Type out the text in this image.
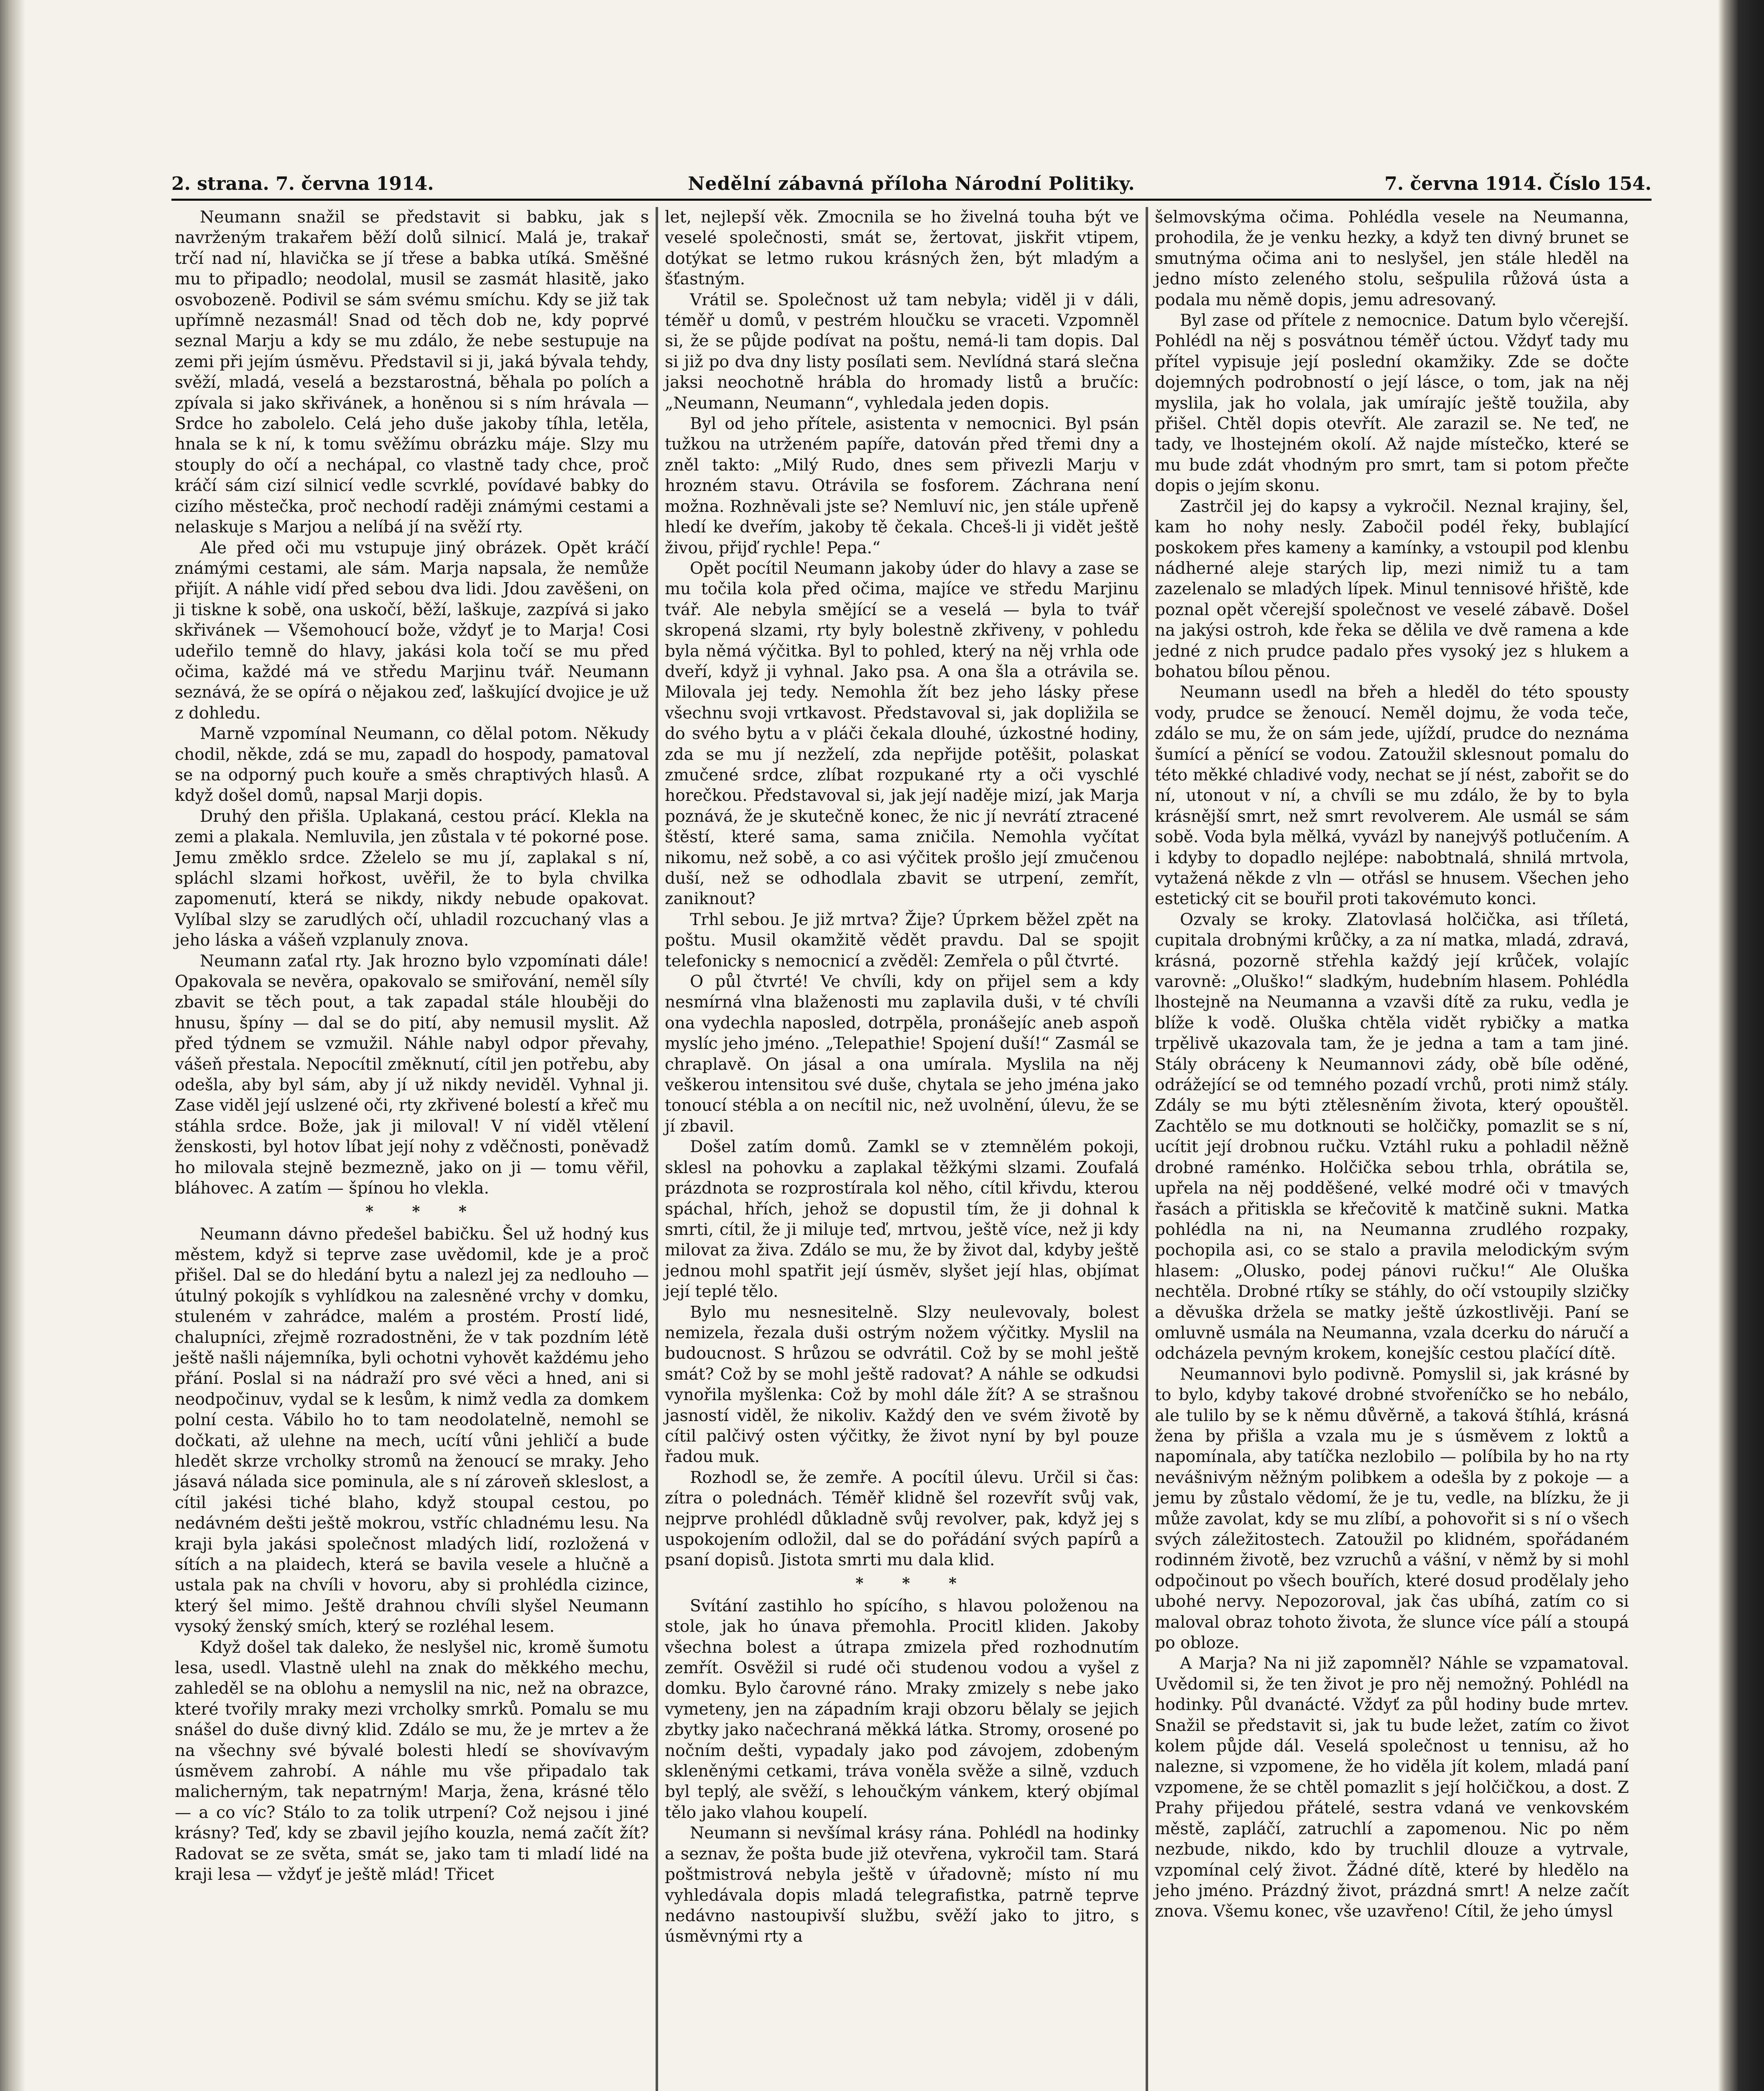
2. strana. 7. června 1914.	Nedělní zábavná příloha Národní Politiky.	7. června 1914. Číslo 154.

Neumann snažil se představit si babku, jak s navrženým trakařem běží dolů silnicí. Malá je, trakař trčí nad ní, hlavička se jí třese a babka utíká. Směšné mu to připadlo; neodolal, musil se zasmát hlasitě, jako osvobozeně. Podivil se sám svému smíchu. Kdy se již tak upřímně nezasmál! Snad od těch dob ne, kdy poprvé seznal Marju a kdy se mu zdálo, že nebe sestupuje na zemi při jejím úsměvu. Představil si ji, jaká bývala tehdy, svěží, mladá, veselá a bezstarostná, běhala po polích a zpívala si jako skřivánek, a honěnou si s ním hrávala — Srdce ho zabolelo. Celá jeho duše jakoby tíhla, letěla, hnala se k ní, k tomu svěžímu obrázku máje. Slzy mu stouply do očí a nechápal, co vlastně tady chce, proč kráčí sám cizí silnicí vedle scvrklé, povídavé babky do cizího městečka, proč nechodí raději známými cestami a nelaskuje s Marjou a nelíbá jí na svěží rty.

Ale před oči mu vstupuje jiný obrázek. Opět kráčí známými cestami, ale sám. Marja napsala, že nemůže přijít. A náhle vidí před sebou dva lidi. Jdou zavěšeni, on ji tiskne k sobě, ona uskočí, běží, laškuje, zazpívá si jako skřivánek — Všemohoucí bože, vždyť je to Marja! Cosi udeřilo temně do hlavy, jakási kola točí se mu před očima, každé má ve středu Marjinu tvář. Neumann seznává, že se opírá o nějakou zeď, laškující dvojice je už z dohledu.

Marně vzpomínal Neumann, co dělal potom. Někudy chodil, někde, zdá se mu, zapadl do hospody, pamatoval se na odporný puch kouře a směs chraptivých hlasů. A když došel domů, napsal Marji dopis.

Druhý den přišla. Uplakaná, cestou prácí. Klekla na zemi a plakala. Nemluvila, jen zůstala v té pokorné pose. Jemu změklo srdce. Zželelo se mu jí, zaplakal s ní, spláchl slzami hořkost, uvěřil, že to byla chvilka zapomenutí, která se nikdy, nikdy nebude opakovat. Vylíbal slzy se zarudlých očí, uhladil rozcuchaný vlas a jeho láska a vášeň vzplanuly znova.

Neumann zaťal rty. Jak hrozno bylo vzpomínati dále! Opakovala se nevěra, opakovalo se smiřování, neměl síly zbavit se těch pout, a tak zapadal stále hlouběji do hnusu, špíny — dal se do pití, aby nemusil myslit. Až před týdnem se vzmužil. Náhle nabyl odpor převahy, vášeň přestala. Nepocítil změknutí, cítil jen potřebu, aby odešla, aby byl sám, aby jí už nikdy neviděl. Vyhnal ji. Zase viděl její uslzené oči, rty zkřivené bolestí a křeč mu stáhla srdce. Bože, jak ji miloval! V ní viděl vtělení ženskosti, byl hotov líbat její nohy z vděčnosti, poněvadž ho milovala stejně bezmezně, jako on ji — tomu věřil, bláhovec. A zatím — špínou ho vlekla.

* * *

Neumann dávno předešel babičku. Šel už hodný kus městem, když si teprve zase uvědomil, kde je a proč přišel. Dal se do hledání bytu a nalezl jej za nedlouho — útulný pokojík s vyhlídkou na zalesněné vrchy v domku, stuleném v zahrádce, malém a prostém. Prostí lidé, chalupníci, zřejmě rozradostněni, že v tak pozdním létě ještě našli nájemníka, byli ochotni vyhovět každému jeho přání. Poslal si na nádraží pro své věci a hned, ani si neodpočinuv, vydal se k lesům, k nimž vedla za domkem polní cesta. Vábilo ho to tam neodolatelně, nemohl se dočkati, až ulehne na mech, ucítí vůni jehličí a bude hledět skrze vrcholky stromů na ženoucí se mraky. Jeho jásavá nálada sice pominula, ale s ní zároveň skleslost, a cítil jakési tiché blaho, když stoupal cestou, po nedávném dešti ještě mokrou, vstříc chladnému lesu. Na kraji byla jakási společnost mladých lidí, rozložená v sítích a na plaidech, která se bavila vesele a hlučně a ustala pak na chvíli v hovoru, aby si prohlédla cizince, který šel mimo. Ještě drahnou chvíli slyšel Neumann vysoký ženský smích, který se rozléhal lesem.

Když došel tak daleko, že neslyšel nic, kromě šumotu lesa, usedl. Vlastně ulehl na znak do měkkého mechu, zahleděl se na oblohu a nemyslil na nic, než na obrazce, které tvořily mraky mezi vrcholky smrků. Pomalu se mu snášel do duše divný klid. Zdálo se mu, že je mrtev a že na všechny své bývalé bolesti hledí se shovívavým úsměvem zahrobí. A náhle mu vše připadalo tak malicherným, tak nepatrným! Marja, žena, krásné tělo — a co víc? Stálo to za tolik utrpení? Což nejsou i jiné krásny? Teď, kdy se zbavil jejího kouzla, nemá začít žít? Radovat se ze světa, smát se, jako tam ti mladí lidé na kraji lesa — vždyť je ještě mlád! Třicet

let, nejlepší věk. Zmocnila se ho živelná touha být ve veselé společnosti, smát se, žertovat, jiskřit vtipem, dotýkat se letmo rukou krásných žen, být mladým a šťastným.

Vrátil se. Společnost už tam nebyla; viděl ji v dáli, téměř u domů, v pestrém hloučku se vraceti. Vzpomněl si, že se půjde podívat na poštu, nemá-li tam dopis. Dal si již po dva dny listy posílati sem. Nevlídná stará slečna jaksi neochotně hrábla do hromady listů a bručíc: „Neumann, Neumann“, vyhledala jeden dopis.

Byl od jeho přítele, asistenta v nemocnici. Byl psán tužkou na utrženém papíře, datován před třemi dny a zněl takto: „Milý Rudo, dnes sem přivezli Marju v hrozném stavu. Otrávila se fosforem. Záchrana není možna. Rozhněvali jste se? Nemluví nic, jen stále upřeně hledí ke dveřím, jakoby tě čekala. Chceš-li ji vidět ještě živou, přijď rychle! Pepa.“

Opět pocítil Neumann jakoby úder do hlavy a zase se mu točila kola před očima, majíce ve středu Marjinu tvář. Ale nebyla smějící se a veselá — byla to tvář skropená slzami, rty byly bolestně zkřiveny, v pohledu byla němá výčitka. Byl to pohled, který na něj vrhla ode dveří, když ji vyhnal. Jako psa. A ona šla a otrávila se. Milovala jej tedy. Nemohla žít bez jeho lásky přese všechnu svoji vrtkavost. Představoval si, jak dopližila se do svého bytu a v pláči čekala dlouhé, úzkostné hodiny, zda se mu jí nezželí, zda nepřijde potěšit, polaskat zmučené srdce, zlíbat rozpukané rty a oči vyschlé horečkou. Představoval si, jak její naděje mizí, jak Marja poznává, že je skutečně konec, že nic jí nevrátí ztracené štěstí, které sama, sama zničila. Nemohla vyčítat nikomu, než sobě, a co asi výčitek prošlo její zmučenou duší, než se odhodlala zbavit se utrpení, zemřít, zaniknout?

Trhl sebou. Je již mrtva? Žije? Úprkem běžel zpět na poštu. Musil okamžitě vědět pravdu. Dal se spojit telefonicky s nemocnicí a zvěděl: Zemřela o půl čtvrté.

O půl čtvrté! Ve chvíli, kdy on přijel sem a kdy nesmírná vlna blaženosti mu zaplavila duši, v té chvíli ona vydechla naposled, dotrpěla, pronášejíc aneb aspoň myslíc jeho jméno. „Telepathie! Spojení duší!“ Zasmál se chraplavě. On jásal a ona umírala. Myslila na něj veškerou intensitou své duše, chytala se jeho jména jako tonoucí stébla a on necítil nic, než uvolnění, úlevu, že se jí zbavil.

Došel zatím domů. Zamkl se v ztemnělém pokoji, sklesl na pohovku a zaplakal těžkými slzami. Zoufalá prázdnota se rozprostírala kol něho, cítil křivdu, kterou spáchal, hřích, jehož se dopustil tím, že ji dohnal k smrti, cítil, že ji miluje teď, mrtvou, ještě více, než ji kdy milovat za živa. Zdálo se mu, že by život dal, kdyby ještě jednou mohl spatřit její úsměv, slyšet její hlas, objímat její teplé tělo.

Bylo mu nesnesitelně. Slzy neulevovaly, bolest nemizela, řezala duši ostrým nožem výčitky. Myslil na budoucnost. S hrůzou se odvrátil. Což by se mohl ještě smát? Což by se mohl ještě radovat? A náhle se odkudsi vynořila myšlenka: Což by mohl dále žít? A se strašnou jasností viděl, že nikoliv. Každý den ve svém životě by cítil palčivý osten výčitky, že život nyní by byl pouze řadou muk.

Rozhodl se, že zemře. A pocítil úlevu. Určil si čas: zítra o polednách. Téměř klidně šel rozevřít svůj vak, nejprve prohlédl důkladně svůj revolver, pak, když jej s uspokojením odložil, dal se do pořádání svých papírů a psaní dopisů. Jistota smrti mu dala klid.

* * *

Svítání zastihlo ho spícího, s hlavou položenou na stole, jak ho únava přemohla. Procitl kliden. Jakoby všechna bolest a útrapa zmizela před rozhodnutím zemřít. Osvěžil si rudé oči studenou vodou a vyšel z domku. Bylo čarovné ráno. Mraky zmizely s nebe jako vymeteny, jen na západním kraji obzoru bělaly se jejich zbytky jako načechraná měkká látka. Stromy, orosené po nočním dešti, vypadaly jako pod závojem, zdobeným skleněnými cetkami, tráva voněla svěže a silně, vzduch byl teplý, ale svěží, s lehoučkým vánkem, který objímal tělo jako vlahou koupelí.

Neumann si nevšímal krásy rána. Pohlédl na hodinky a seznav, že pošta bude již otevřena, vykročil tam. Stará poštmistrová nebyla ještě v úřadovně; místo ní mu vyhledávala dopis mladá telegrafistka, patrně teprve nedávno nastoupivší službu, svěží jako to jitro, s úsměvnými rty a

šelmovskýma očima. Pohlédla vesele na Neumanna, prohodila, že je venku hezky, a když ten divný brunet se smutnýma očima ani to neslyšel, jen stále hleděl na jedno místo zeleného stolu, sešpulila růžová ústa a podala mu němě dopis, jemu adresovaný.

Byl zase od přítele z nemocnice. Datum bylo včerejší. Pohlédl na něj s posvátnou téměř úctou. Vždyť tady mu přítel vypisuje její poslední okamžiky. Zde se dočte dojemných podrobností o její lásce, o tom, jak na něj myslila, jak ho volala, jak umírajíc ještě toužila, aby přišel. Chtěl dopis otevřít. Ale zarazil se. Ne teď, ne tady, ve lhostejném okolí. Až najde místečko, které se mu bude zdát vhodným pro smrt, tam si potom přečte dopis o jejím skonu.

Zastrčil jej do kapsy a vykročil. Neznal krajiny, šel, kam ho nohy nesly. Zabočil podél řeky, bublající poskokem přes kameny a kamínky, a vstoupil pod klenbu nádherné aleje starých lip, mezi nimiž tu a tam zazelenalo se mladých lípek. Minul tennisové hřiště, kde poznal opět včerejší společnost ve veselé zábavě. Došel na jakýsi ostroh, kde řeka se dělila ve dvě ramena a kde jedné z nich prudce padalo přes vysoký jez s hlukem a bohatou bílou pěnou.

Neumann usedl na břeh a hleděl do této spousty vody, prudce se ženoucí. Neměl dojmu, že voda teče, zdálo se mu, že on sám jede, ujíždí, prudce do neznáma šumící a pěnící se vodou. Zatoužil sklesnout pomalu do této měkké chladivé vody, nechat se jí nést, zabořit se do ní, utonout v ní, a chvíli se mu zdálo, že by to byla krásnější smrt, než smrt revolverem. Ale usmál se sám sobě. Voda byla mělká, vyvázl by nanejvýš potlučením. A i kdyby to dopadlo nejlépe: nabobtnalá, shnilá mrtvola, vytažená někde z vln — otřásl se hnusem. Všechen jeho estetický cit se bouřil proti takovémuto konci.

Ozvaly se kroky. Zlatovlasá holčička, asi tříletá, cupitala drobnými krůčky, a za ní matka, mladá, zdravá, krásná, pozorně střehla každý její krůček, volajíc varovně: „Oluško!“ sladkým, hudebním hlasem. Pohlédla lhostejně na Neumanna a vzavši dítě za ruku, vedla je blíže k vodě. Oluška chtěla vidět rybičky a matka trpělivě ukazovala tam, že je jedna a tam a tam jiné. Stály obráceny k Neumannovi zády, obě bíle oděné, odrážející se od temného pozadí vrchů, proti nimž stály. Zdály se mu býti ztělesněním života, který opouštěl. Zachtělo se mu dotknouti se holčičky, pomazlit se s ní, ucítit její drobnou ručku. Vztáhl ruku a pohladil něžně drobné raménko. Holčička sebou trhla, obrátila se, upřela na něj podděšené, velké modré oči v tmavých řasách a přitiskla se křečovitě k matčině sukni. Matka pohlédla na ni, na Neumanna zrudlého rozpaky, pochopila asi, co se stalo a pravila melodickým svým hlasem: „Olusko, podej pánovi ručku!“ Ale Oluška nechtěla. Drobné rtíky se stáhly, do očí vstoupily slzičky a děvuška držela se matky ještě úzkostlivěji. Paní se omluvně usmála na Neumanna, vzala dcerku do náručí a odcházela pevným krokem, konejšíc cestou plačící dítě.

Neumannovi bylo podivně. Pomyslil si, jak krásné by to bylo, kdyby takové drobné stvořeníčko se ho nebálo, ale tulilo by se k němu důvěrně, a taková štíhlá, krásná žena by přišla a vzala mu je s úsměvem z loktů a napomínala, aby tatíčka nezlobilo — políbila by ho na rty nevášnivým něžným polibkem a odešla by z pokoje — a jemu by zůstalo vědomí, že je tu, vedle, na blízku, že ji může zavolat, kdy se mu zlíbí, a pohovořit si s ní o všech svých záležitostech. Zatoužil po klidném, spořádaném rodinném životě, bez vzruchů a vášní, v němž by si mohl odpočinout po všech bouřích, které dosud prodělaly jeho ubohé nervy. Nepozoroval, jak čas ubíhá, zatím co si maloval obraz tohoto života, že slunce více pálí a stoupá po obloze.

A Marja? Na ni již zapomněl? Náhle se vzpamatoval. Uvědomil si, že ten život je pro něj nemožný. Pohlédl na hodinky. Půl dvanácté. Vždyť za půl hodiny bude mrtev. Snažil se představit si, jak tu bude ležet, zatím co život kolem půjde dál. Veselá společnost u tennisu, až ho nalezne, si vzpomene, že ho viděla jít kolem, mladá paní vzpomene, že se chtěl pomazlit s její holčičkou, a dost. Z Prahy přijedou přátelé, sestra vdaná ve venkovském městě, zapláčí, zatruchlí a zapomenou. Nic po něm nezbude, nikdo, kdo by truchlil dlouze a vytrvale, vzpomínal celý život. Žádné dítě, které by hledělo na jeho jméno. Prázdný život, prázdná smrt! A nelze začít znova. Všemu konec, vše uzavřeno! Cítil, že jeho úmysl
